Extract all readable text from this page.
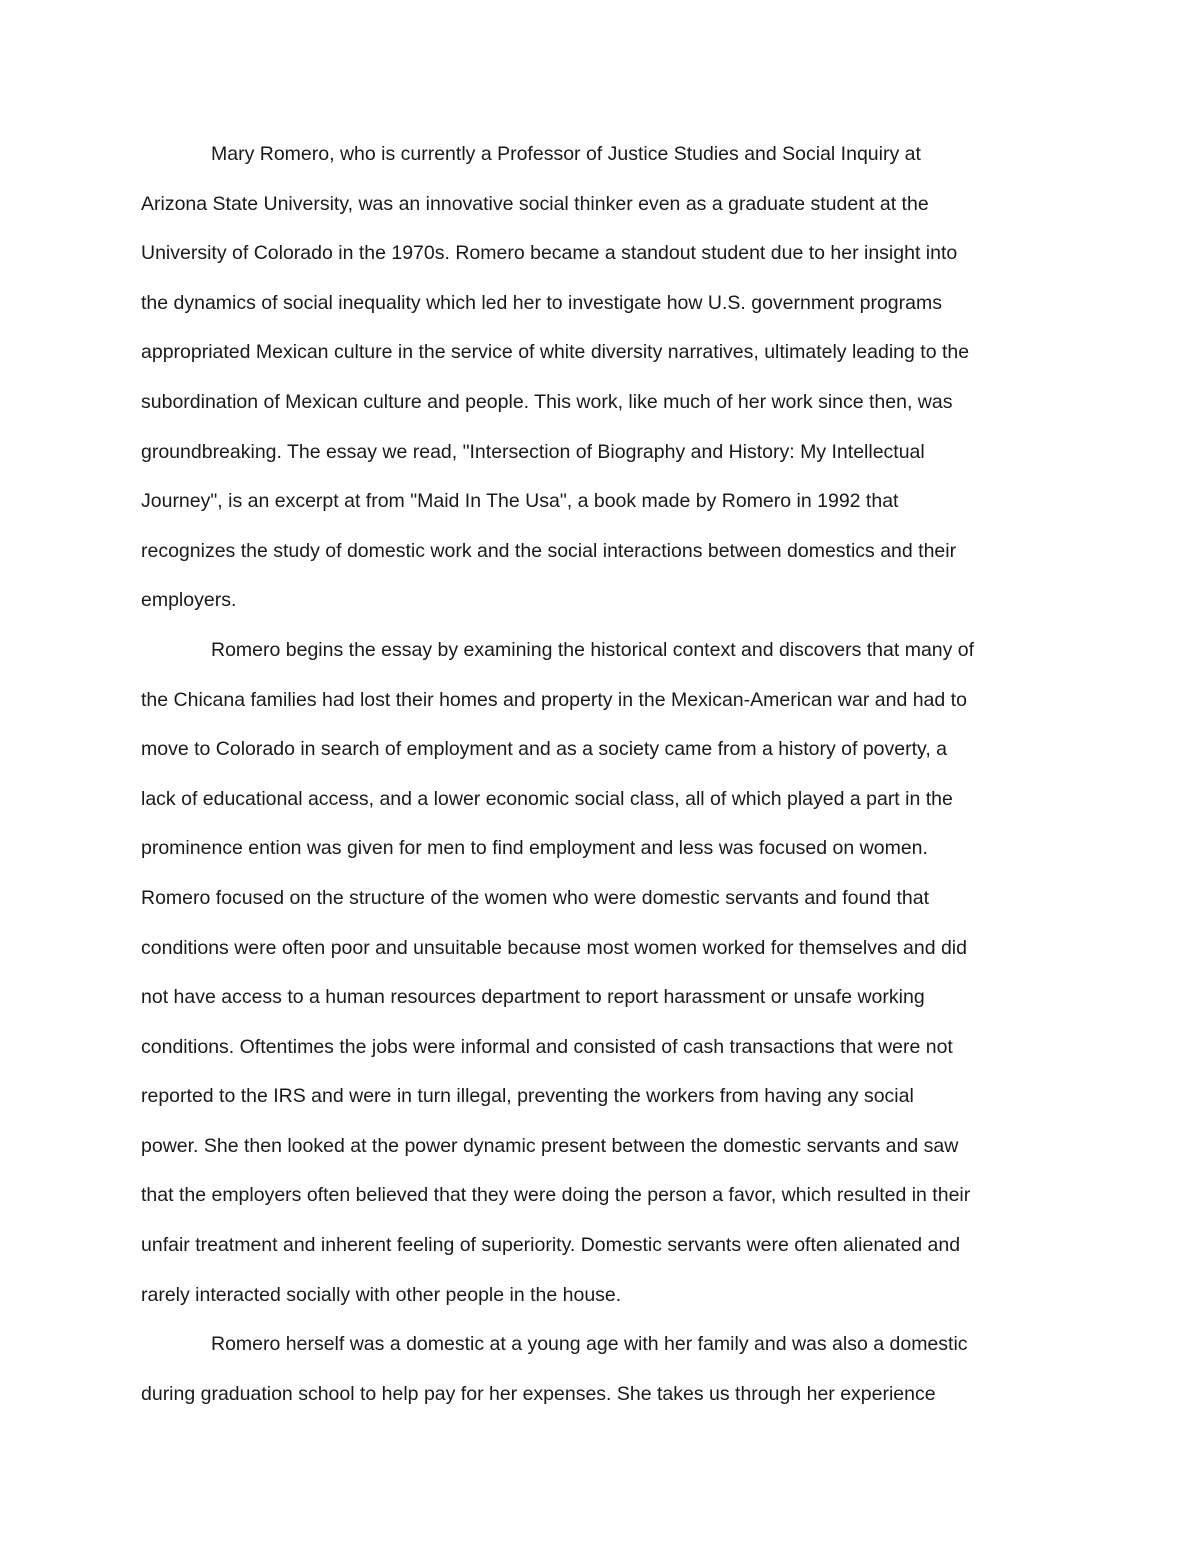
Mary Romero, who is currently a Professor of Justice Studies and Social Inquiry at
Arizona State University, was an innovative social thinker even as a graduate student at the
University of Colorado in the 1970s. Romero became a standout student due to her insight into
the dynamics of social inequality which led her to investigate how U.S. government programs
appropriated Mexican culture in the service of white diversity narratives, ultimately leading to the
subordination of Mexican culture and people. This work, like much of her work since then, was
groundbreaking. The essay we read, "Intersection of Biography and History: My Intellectual
Journey", is an excerpt at from "Maid In The Usa", a book made by Romero in 1992 that
recognizes the study of domestic work and the social interactions between domestics and their
employers.
Romero begins the essay by examining the historical context and discovers that many of
the Chicana families had lost their homes and property in the Mexican-American war and had to
move to Colorado in search of employment and as a society came from a history of poverty, a
lack of educational access, and a lower economic social class, all of which played a part in the
prominence ention was given for men to find employment and less was focused on women.
Romero focused on the structure of the women who were domestic servants and found that
conditions were often poor and unsuitable because most women worked for themselves and did
not have access to a human resources department to report harassment or unsafe working
conditions. Oftentimes the jobs were informal and consisted of cash transactions that were not
reported to the IRS and were in turn illegal, preventing the workers from having any social
power. She then looked at the power dynamic present between the domestic servants and saw
that the employers often believed that they were doing the person a favor, which resulted in their
unfair treatment and inherent feeling of superiority. Domestic servants were often alienated and
rarely interacted socially with other people in the house.
Romero herself was a domestic at a young age with her family and was also a domestic
during graduation school to help pay for her expenses. She takes us through her experience
